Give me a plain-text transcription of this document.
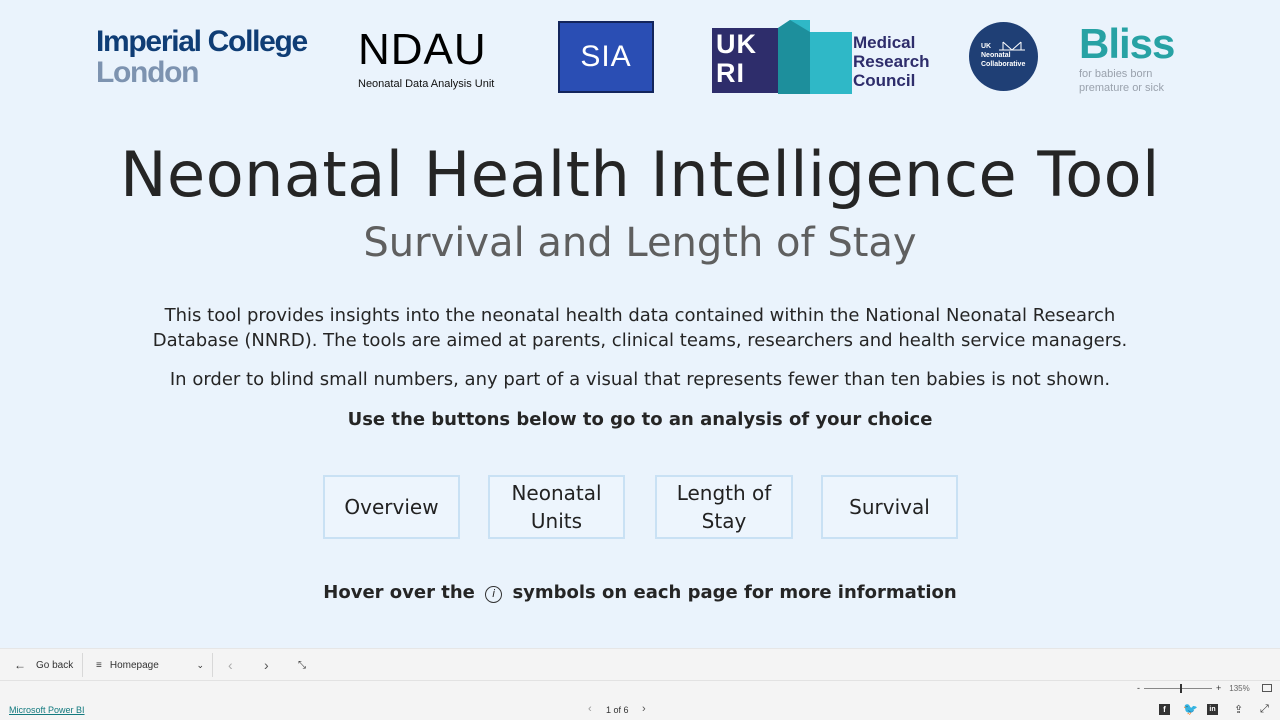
Imperial College
London	NDAU
Neonatal Data Analysis Unit
SIA	UK
RI
Medical
Research
Council
UK
Neonatal
Collaborative	Bliss
for babies born
premature or sick
Neonatal Health Intelligence Tool
Survival and Length of Stay
This tool provides insights into the neonatal health data contained within the National Neonatal Research Database (NNRD). The tools are aimed at parents, clinical teams, researchers and health service managers.
In order to blind small numbers, any part of a visual that represents fewer than ten babies is not shown.
Use the buttons below to go to an analysis of your choice
Overview
Neonatal Units
Length of Stay
Survival
Hover over the i symbols on each page for more information
← Go back ≡ Homepage	⌄ ‹ ›	⤡
Microsoft Power BI	‹ 1 of 6 ›
-	+ 135%
f	🐦	in ⇪ ⤢
